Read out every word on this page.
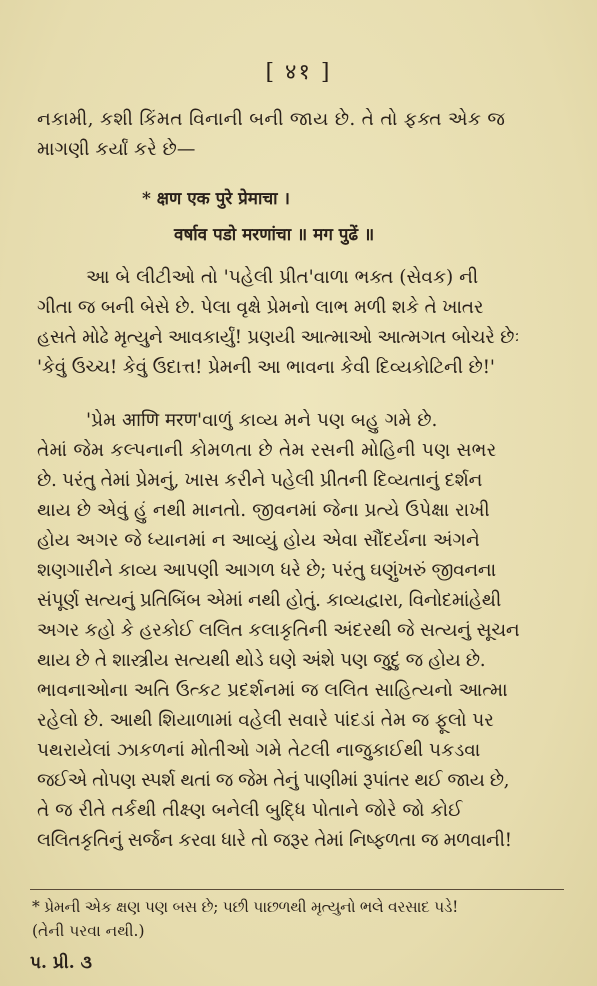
[ ४१ ]
નકામી, કશી કિંમત વિનાની બની જાય છે. તે તો ફક્ત એક જ
માગણી કર્યાં કરે છે—
* क्षण एक पुरे प्रेमाचा ।
वर्षाव पडो मरणांचा ॥ मग पुढें ॥
આ બે લીટીઓ તો 'પહેલી પ્રીત'વાળા ભક્ત (સેવક) ની
ગીતા જ બની બેસે છે. પેલા વૃક્ષે પ્રેમનો લાભ મળી શકે તે ખાતર
હસતે મોઢે મૃત્યુને આવકાર્યું! પ્રણયી આત્માઓ આત્મગત બોચરે છેઃ
'કેવું ઉચ્ચ! કેવું ઉદાત્ત! પ્રેમની આ ભાવના કેવી દિવ્યકોટિની છે!'
'પ્રેમ आणि मरण'વાળું કાવ્ય મને પણ બહુ ગમે છે.
તેમાં જેમ કલ્પનાની કોમળતા છે તેમ રસની મોહિની પણ સભર
છે. પરંતુ તેમાં પ્રેમનું, ખાસ કરીને પહેલી પ્રીતની દિવ્યતાનું દર્શન
થાય છે એવું હું નથી માનતો. જીવનમાં જેના પ્રત્યે ઉપેક્ષા રાખી
હોય અગર જે ધ્યાનમાં ન આવ્યું હોય એવા સૌંદર્યના અંગને
શણગારીને કાવ્ય આપણી આગળ ધરે છે; પરંતુ ઘણુંખરું જીવનના
સંપૂર્ણ સત્યનું પ્રતિબિંબ એમાં નથી હોતું. કાવ્યદ્વારા, વિનોદમાંહેથી
અગર કહો કે હરકોઈ લલિત કલાકૃતિની અંદરથી જે સત્યનું સૂચન
થાય છે તે શાસ્ત્રીય સત્યથી થોડે ઘણે અંશે પણ જુદું જ હોય છે.
ભાવનાઓના અતિ ઉત્કટ પ્રદર્શનમાં જ લલિત સાહિત્યનો આત્મા
રહેલો છે. આથી શિયાળામાં વહેલી સવારે પાંદડાં તેમ જ ફૂલો પર
પથરાયેલાં ઝાકળનાં મોતીઓ ગમે તેટલી નાજુકાઈથી પકડવા
જઈએ તોપણ સ્પર્શ થતાં જ જેમ તેનું પાણીમાં રૂપાંતર થઈ જાય છે,
તે જ રીતે તર્કથી તીક્ષ્ણ બનેલી બુદ્ધિ પોતાને જોરે જો કોઈ
લલિતકૃતિનું સર્જન કરવા ધારે તો જરૂર તેમાં નિષ્ફળતા જ મળવાની!
* પ્રેમની એક ક્ષણ પણ બસ છે; પછી પાછળથી મૃત્યુનો ભલે વરસાદ પડે!
(તેની પરવા નથી.)
પ. પ્રી. ૩
